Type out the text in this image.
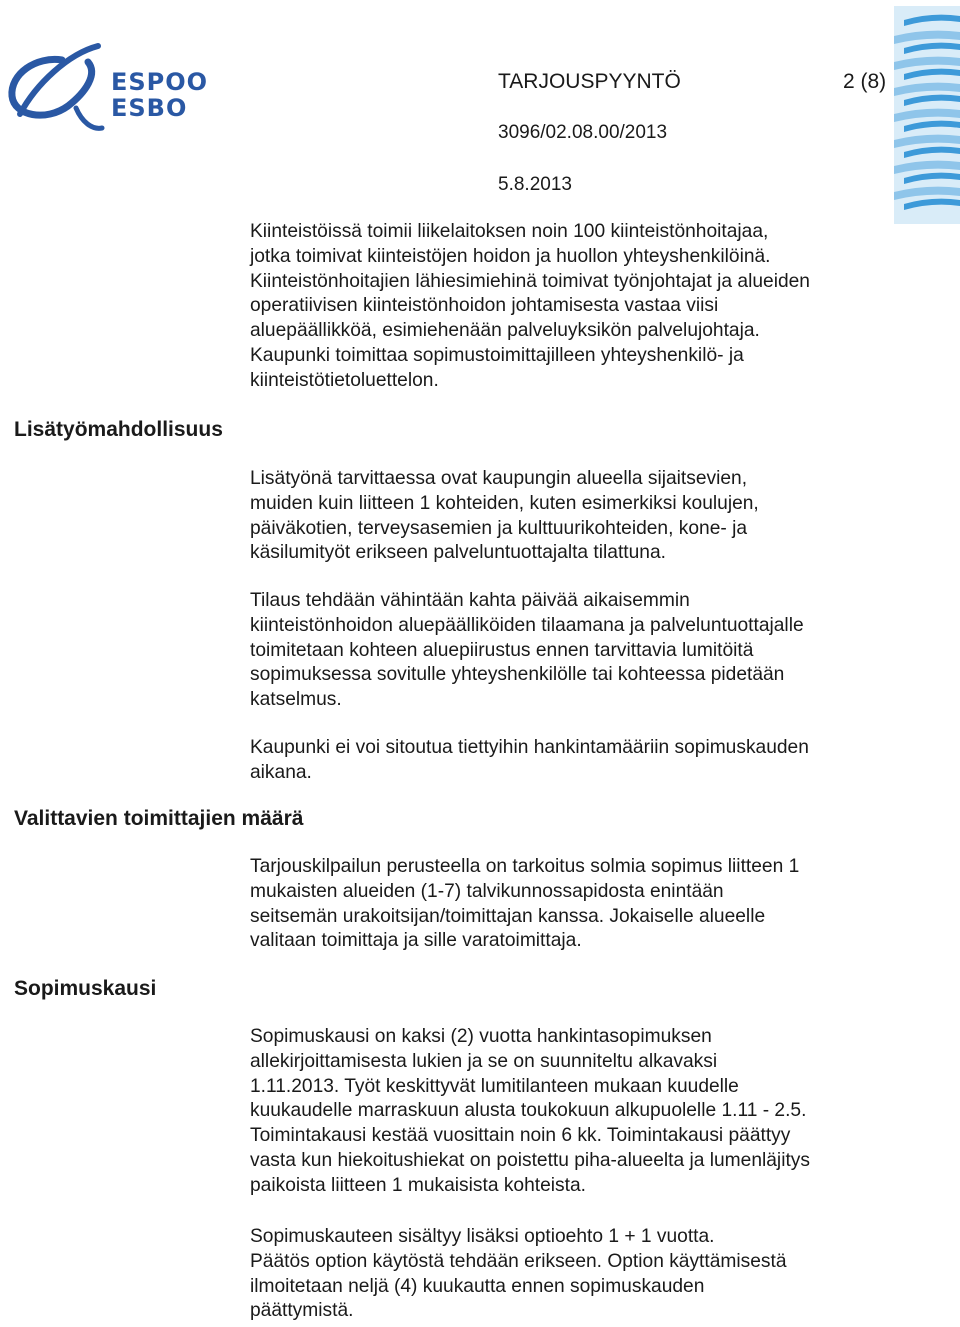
ESPOO
ESBO
TARJOUSPYYNTÖ	2 (8)
3096/02.08.00/2013
5.8.2013

Kiinteistöissä toimii liikelaitoksen noin 100 kiinteistönhoitajaa,
jotka toimivat kiinteistöjen hoidon ja huollon yhteyshenkilöinä.
Kiinteistönhoitajien lähiesimiehinä toimivat työnjohtajat ja alueiden
operatiivisen kiinteistönhoidon johtamisesta vastaa viisi
aluepäällikköä, esimiehenään palveluyksikön palvelujohtaja.
Kaupunki toimittaa sopimustoimittajilleen yhteyshenkilö- ja
kiinteistötietoluettelon.

Lisätyömahdollisuus

Lisätyönä tarvittaessa ovat kaupungin alueella sijaitsevien,
muiden kuin liitteen 1 kohteiden, kuten esimerkiksi koulujen,
päiväkotien, terveysasemien ja kulttuurikohteiden, kone- ja
käsilumityöt erikseen palveluntuottajalta tilattuna.

Tilaus tehdään vähintään kahta päivää aikaisemmin
kiinteistönhoidon aluepäälliköiden tilaamana ja palveluntuottajalle
toimitetaan kohteen aluepiirustus ennen tarvittavia lumitöitä
sopimuksessa sovitulle yhteyshenkilölle tai kohteessa pidetään
katselmus.

Kaupunki ei voi sitoutua tiettyihin hankintamääriin sopimuskauden
aikana.

Valittavien toimittajien määrä

Tarjouskilpailun perusteella on tarkoitus solmia sopimus liitteen 1
mukaisten alueiden (1-7) talvikunnossapidosta enintään
seitsemän urakoitsijan/toimittajan kanssa. Jokaiselle alueelle
valitaan toimittaja ja sille varatoimittaja.

Sopimuskausi

Sopimuskausi on kaksi (2) vuotta hankintasopimuksen
allekirjoittamisesta lukien ja se on suunniteltu alkavaksi
1.11.2013. Työt keskittyvät lumitilanteen mukaan kuudelle
kuukaudelle marraskuun alusta toukokuun alkupuolelle 1.11 - 2.5.
Toimintakausi kestää vuosittain noin 6 kk. Toimintakausi päättyy
vasta kun hiekoitushiekat on poistettu piha-alueelta ja lumenläjitys
paikoista liitteen 1 mukaisista kohteista.

Sopimuskauteen sisältyy lisäksi optioehto 1 + 1 vuotta.
Päätös option käytöstä tehdään erikseen. Option käyttämisestä
ilmoitetaan neljä (4) kuukautta ennen sopimuskauden
päättymistä.
